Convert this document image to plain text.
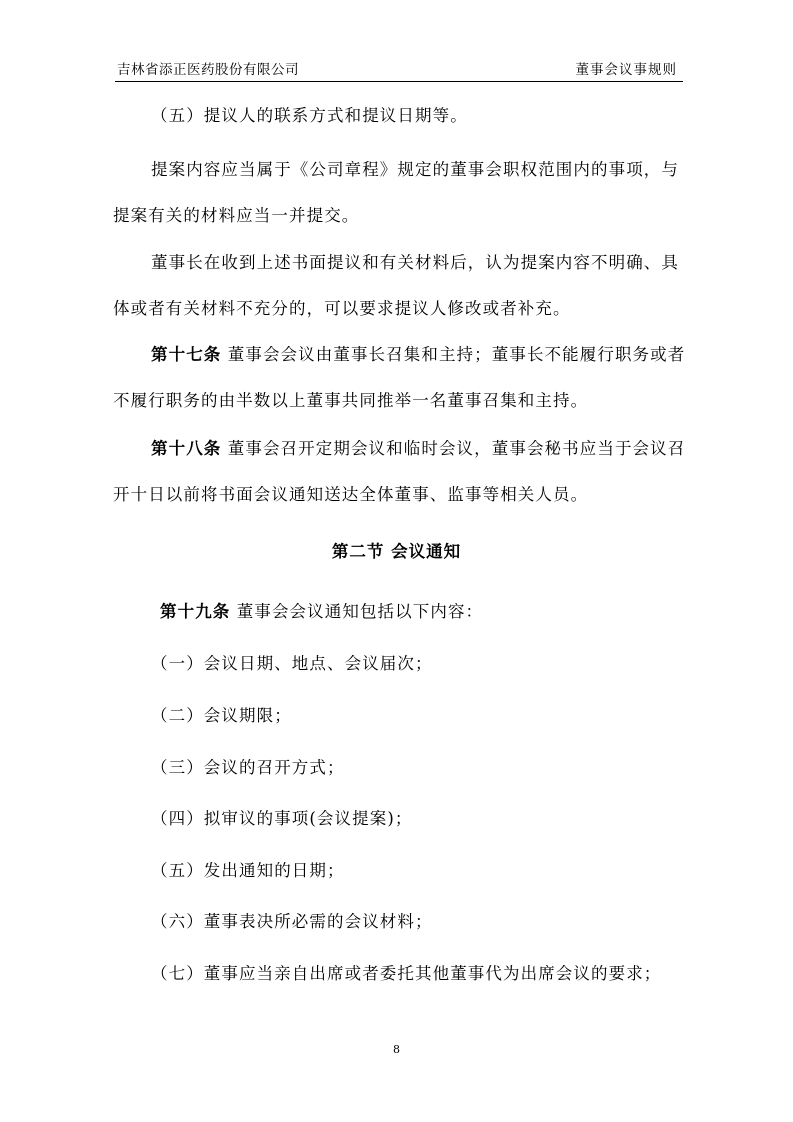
吉林省添正医药股份有限公司	董事会议事规则
（五）提议人的联系方式和提议日期等。
提案内容应当属于《公司章程》规定的董事会职权范围内的事项，与提案有关的材料应当一并提交。
董事长在收到上述书面提议和有关材料后，认为提案内容不明确、具体或者有关材料不充分的，可以要求提议人修改或者补充。
第十七条 董事会会议由董事长召集和主持；董事长不能履行职务或者不履行职务的由半数以上董事共同推举一名董事召集和主持。
第十八条 董事会召开定期会议和临时会议，董事会秘书应当于会议召开十日以前将书面会议通知送达全体董事、监事等相关人员。
第二节 会议通知
第十九条 董事会会议通知包括以下内容：
（一）会议日期、地点、会议届次；
（二）会议期限；
（三）会议的召开方式；
（四）拟审议的事项(会议提案)；
（五）发出通知的日期；
（六）董事表决所必需的会议材料；
（七）董事应当亲自出席或者委托其他董事代为出席会议的要求；
8
